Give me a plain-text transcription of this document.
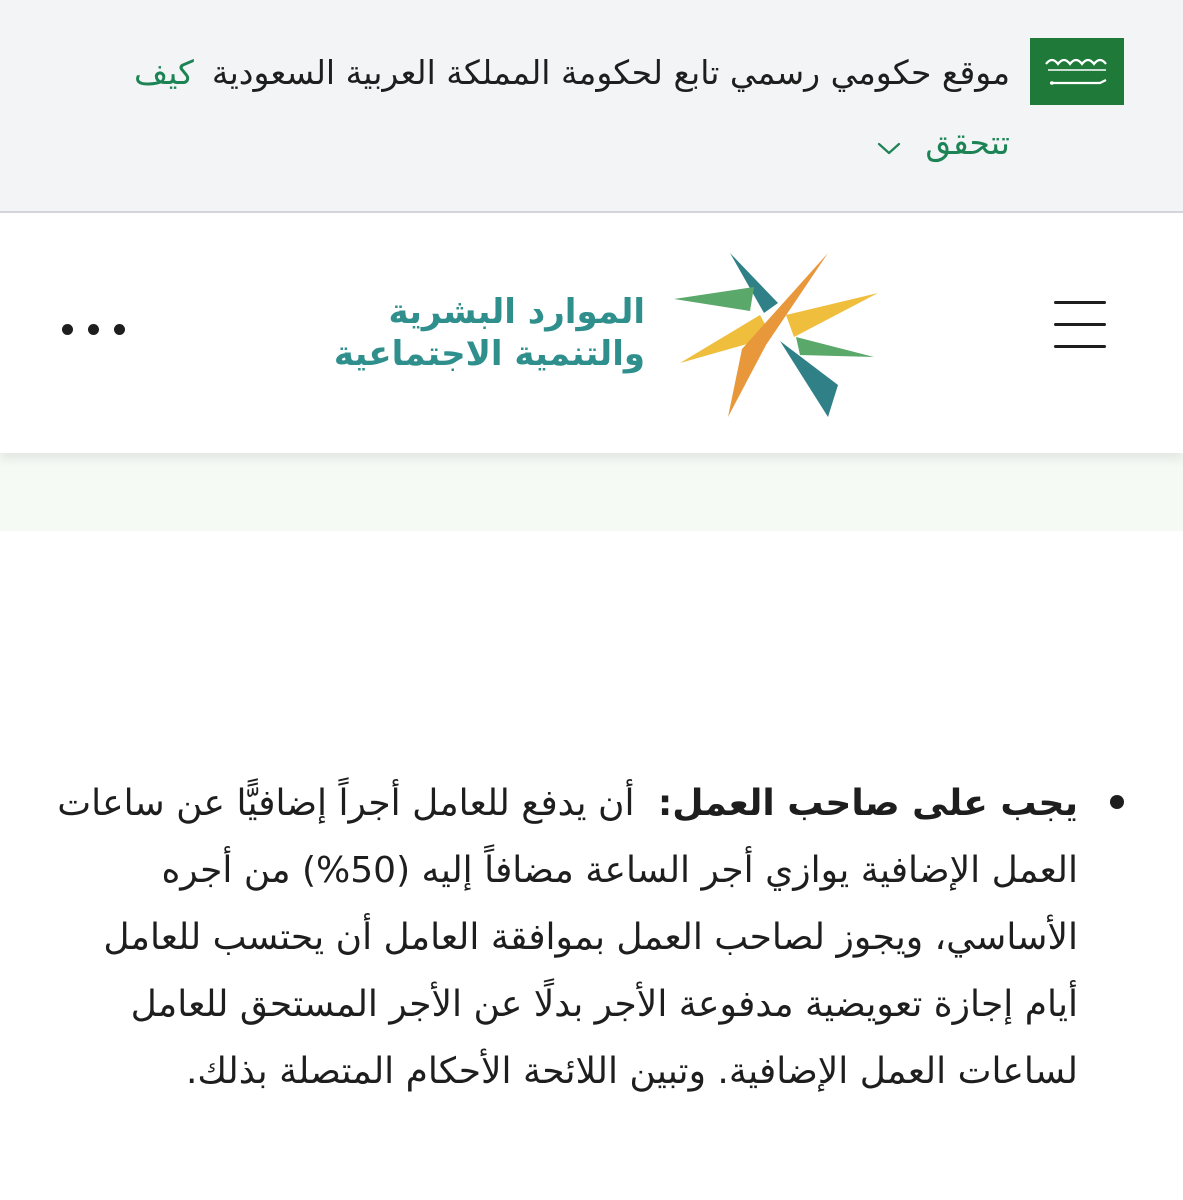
موقع حكومي رسمي تابع لحكومة المملكة العربية السعوديةكيف
تتحقق
الموارد البشرية
والتنمية الاجتماعية
يجب على صاحب العمل: أن يدفع للعامل أجراً إضافيًّا عن ساعات العمل الإضافية يوازي أجر الساعة مضافاً إليه (50%) من أجره الأساسي، ويجوز لصاحب العمل بموافقة العامل أن يحتسب للعامل أيام إجازة تعويضية مدفوعة الأجر بدلًا عن الأجر المستحق للعامل لساعات العمل الإضافية. وتبين اللائحة الأحكام المتصلة بذلك.
